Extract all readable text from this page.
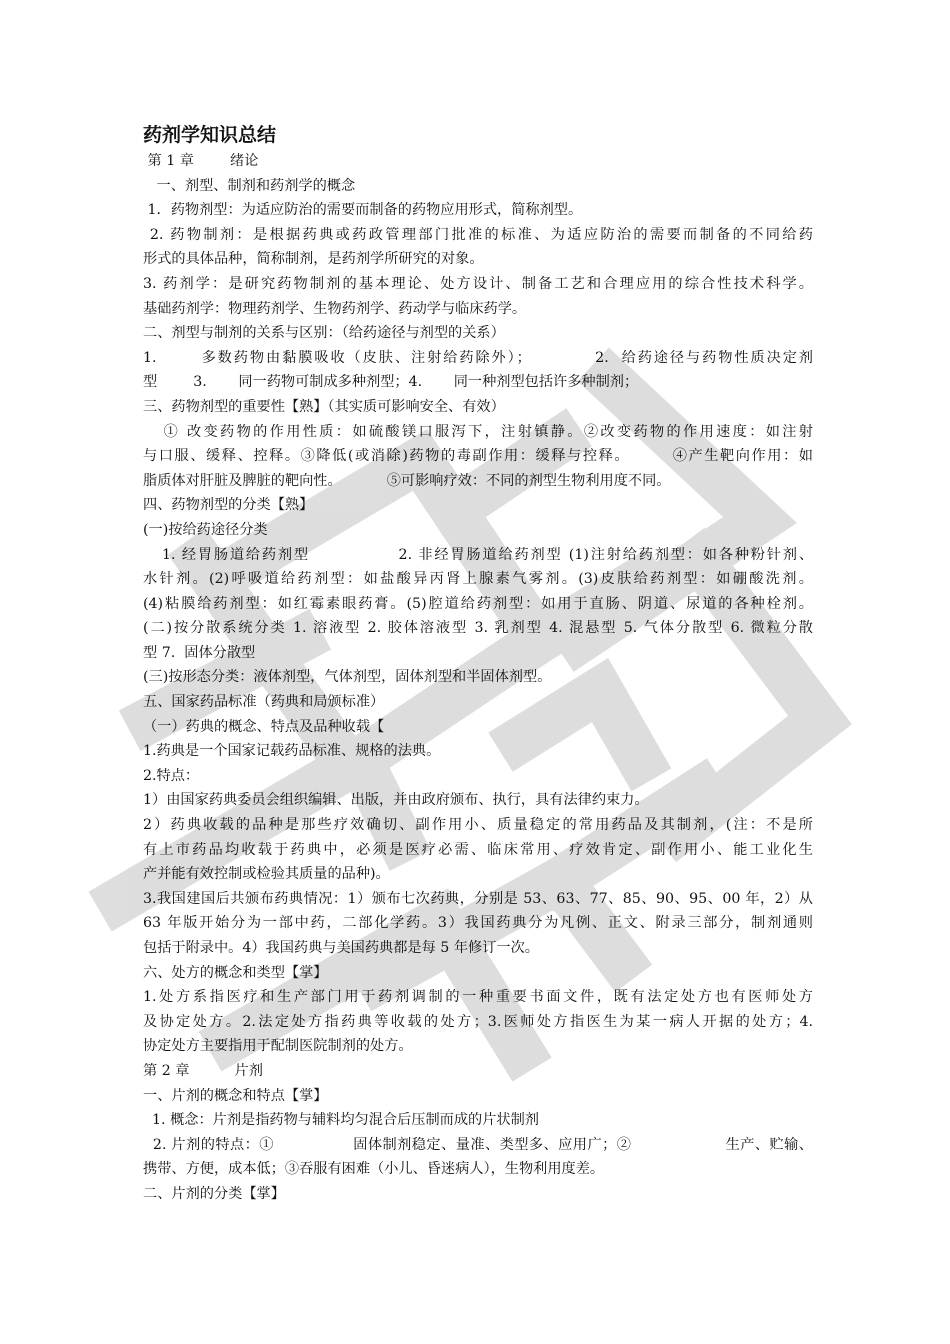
药剂学知识总结
第 1 章        绪论
一、剂型、制剂和药剂学的概念
1．药物剂型：为适应防治的需要而制备的药物应用形式，简称剂型。
2. 药物制剂：是根据药典或药政管理部门批准的标准、为适应防治的需要而制备的不同给药
形式的具体品种，简称制剂，是药剂学所研究的对象。
3. 药剂学：是研究药物制剂的基本理论、处方设计、制备工艺和合理应用的综合性技术科学。
基础药剂学：物理药剂学、生物药剂学、药动学与临床药学。
二、剂型与制剂的关系与区别：（给药途径与剂型的关系）
1.       多数药物由黏膜吸收（皮肤、注射给药除外）；          2.  给药途径与药物性质决定剂
型        3.       同一药物可制成多种剂型；4.       同一种剂型包括许多种制剂；
三、药物剂型的重要性【熟】（其实质可影响安全、有效）
① 改变药物的作用性质：如硫酸镁口服泻下，注射镇静。②改变药物的作用速度：如注射
与口服、缓释、控释。③降低(或消除)药物的毒副作用：缓释与控释。       ④产生靶向作用：如
脂质体对肝脏及脾脏的靶向性。          ⑤可影响疗效：不同的剂型生物利用度不同。
四、药物剂型的分类【熟】
(一)按给药途径分类
1. 经胃肠道给药剂型              2. 非经胃肠道给药剂型 (1)注射给药剂型：如各种粉针剂、
水针剂。(2)呼吸道给药剂型：如盐酸异丙肾上腺素气雾剂。(3)皮肤给药剂型：如硼酸洗剂。
(4)粘膜给药剂型：如红霉素眼药膏。(5)腔道给药剂型：如用于直肠、阴道、尿道的各种栓剂。
(二)按分散系统分类 1. 溶液型 2. 胶体溶液型 3. 乳剂型 4. 混悬型 5. 气体分散型 6. 微粒分散
型 7.  固体分散型
(三)按形态分类：液体剂型，气体剂型，固体剂型和半固体剂型。
五、国家药品标准（药典和局颁标准）
（一）药典的概念、特点及品种收载【
1.药典是一个国家记载药品标准、规格的法典。
2.特点：
1）由国家药典委员会组织编辑、出版，并由政府颁布、执行，具有法律约束力。
2）药典收载的品种是那些疗效确切、副作用小、质量稳定的常用药品及其制剂，(注：不是所
有上市药品均收载于药典中，必须是医疗必需、临床常用、疗效肯定、副作用小、能工业化生
产并能有效控制或检验其质量的品种)。
3.我国建国后共颁布药典情况：1）颁布七次药典，分别是 53、63、77、85、90、95、00 年，2）从
63 年版开始分为一部中药，二部化学药。3）我国药典分为凡例、正文、附录三部分，制剂通则
包括于附录中。4）我国药典与美国药典都是每 5 年修订一次。
六、处方的概念和类型【掌】
1.处方系指医疗和生产部门用于药剂调制的一种重要书面文件，既有法定处方也有医师处方
及协定处方。2.法定处方指药典等收载的处方；3.医师处方指医生为某一病人开据的处方；4.
协定处方主要指用于配制医院制剂的处方。
第 2 章          片剂
一、片剂的概念和特点【掌】
1. 概念：片剂是指药物与辅料均匀混合后压制而成的片状制剂
2. 片剂的特点：①                固体制剂稳定、量准、类型多、应用广；②                   生产、贮输、
携带、方便，成本低；③吞服有困难（小儿、昏迷病人），生物利用度差。
二、片剂的分类【掌】
